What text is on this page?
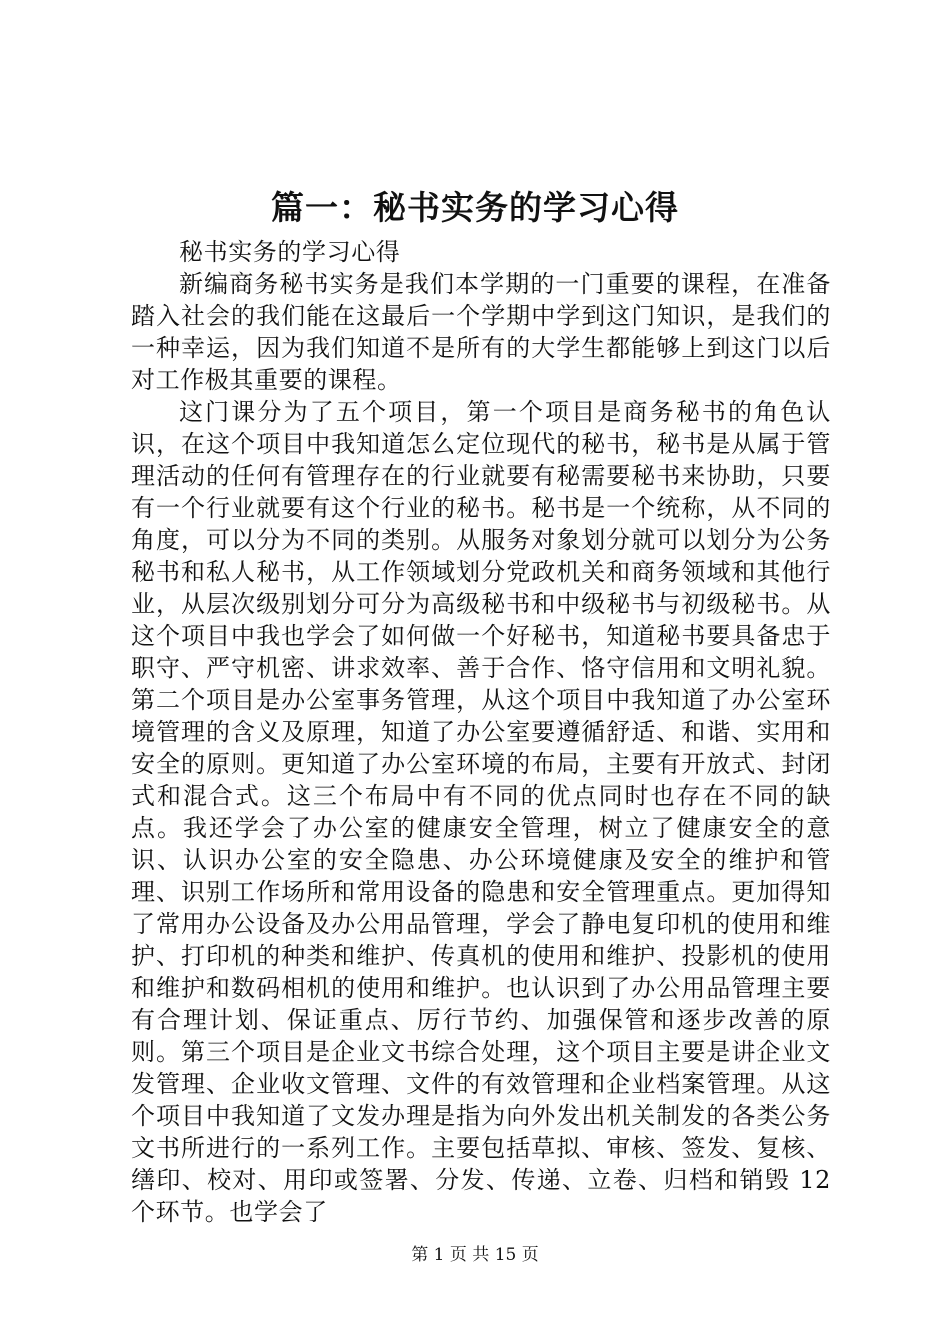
篇一：秘书实务的学习心得

秘书实务的学习心得

新编商务秘书实务是我们本学期的一门重要的课程，在准备踏入社会的我们能在这最后一个学期中学到这门知识，是我们的一种幸运，因为我们知道不是所有的大学生都能够上到这门以后对工作极其重要的课程。

这门课分为了五个项目，第一个项目是商务秘书的角色认识，在这个项目中我知道怎么定位现代的秘书，秘书是从属于管理活动的任何有管理存在的行业就要有秘需要秘书来协助，只要有一个行业就要有这个行业的秘书。秘书是一个统称，从不同的角度，可以分为不同的类别。从服务对象划分就可以划分为公务秘书和私人秘书，从工作领域划分党政机关和商务领域和其他行业，从层次级别划分可分为高级秘书和中级秘书与初级秘书。从这个项目中我也学会了如何做一个好秘书，知道秘书要具备忠于职守、严守机密、讲求效率、善于合作、恪守信用和文明礼貌。第二个项目是办公室事务管理，从这个项目中我知道了办公室环境管理的含义及原理，知道了办公室要遵循舒适、和谐、实用和安全的原则。更知道了办公室环境的布局，主要有开放式、封闭式和混合式。这三个布局中有不同的优点同时也存在不同的缺点。我还学会了办公室的健康安全管理，树立了健康安全的意识、认识办公室的安全隐患、办公环境健康及安全的维护和管理、识别工作场所和常用设备的隐患和安全管理重点。更加得知了常用办公设备及办公用品管理，学会了静电复印机的使用和维护、打印机的种类和维护、传真机的使用和维护、投影机的使用和维护和数码相机的使用和维护。也认识到了办公用品管理主要有合理计划、保证重点、厉行节约、加强保管和逐步改善的原则。第三个项目是企业文书综合处理，这个项目主要是讲企业文发管理、企业收文管理、文件的有效管理和企业档案管理。从这个项目中我知道了文发办理是指为向外发出机关制发的各类公务文书所进行的一系列工作。主要包括草拟、审核、签发、复核、缮印、校对、用印或签署、分发、传递、立卷、归档和销毁 12 个环节。也学会了

第 1 页 共 15 页
